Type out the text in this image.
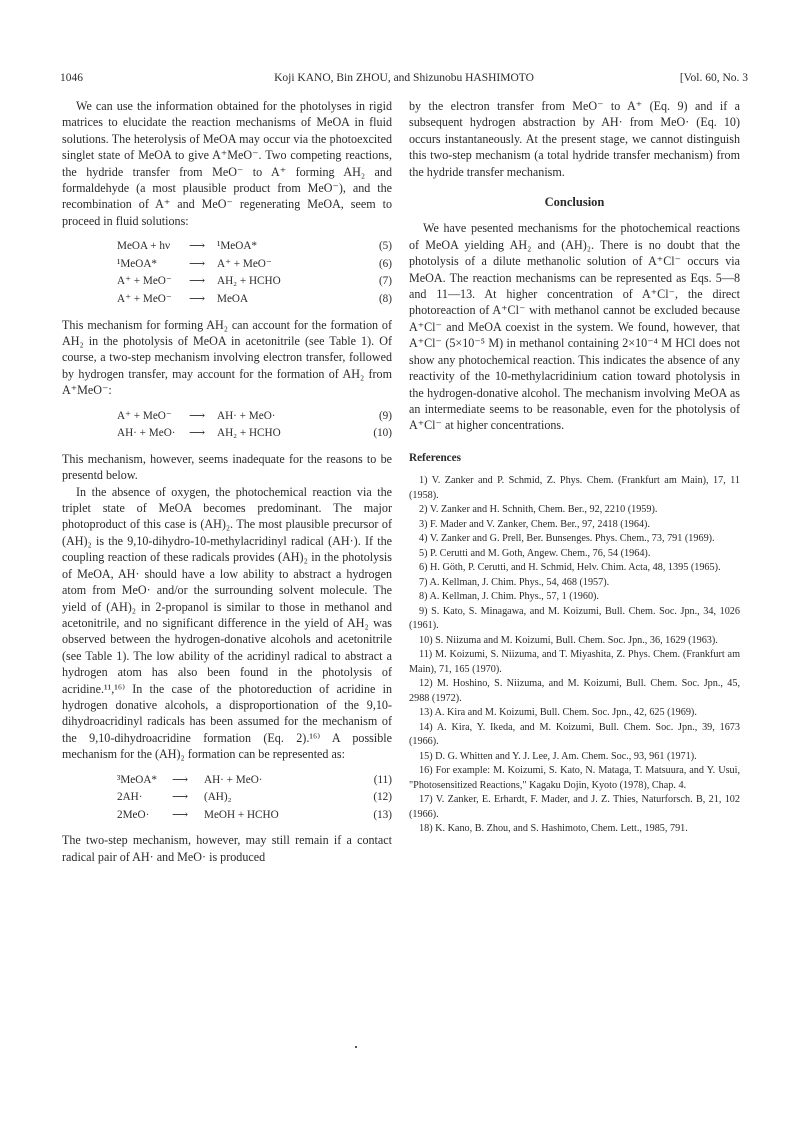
1046	Koji KANO, Bin ZHOU, and Shizunobu HASHIMOTO	[Vol. 60, No. 3

We can use the information obtained for the photolyses in rigid matrices to elucidate the reaction mechanisms of MeOA in fluid solutions. The heterolysis of MeOA may occur via the photoexcited singlet state of MeOA to give A⁺MeO⁻. Two competing reactions, the hydride transfer from MeO⁻ to A⁺ forming AH₂ and formaldehyde (a most plausible product from MeO⁻), and the recombination of A⁺ and MeO⁻ regenerating MeOA, seem to proceed in fluid solutions:

MeOA + hν ⟶ ¹MeOA*	(5)
¹MeOA*	⟶ A⁺ + MeO⁻	(6)
A⁺ + MeO⁻ ⟶ AH₂ + HCHO	(7)
A⁺ + MeO⁻ ⟶ MeOA	(8)

This mechanism for forming AH₂ can account for the formation of AH₂ in the photolysis of MeOA in acetonitrile (see Table 1). Of course, a two-step mechanism involving electron transfer, followed by hydrogen transfer, may account for the formation of AH₂ from A⁺MeO⁻:

A⁺ + MeO⁻ ⟶ AH· + MeO·	(9)
AH· + MeO· ⟶ AH₂ + HCHO	(10)

This mechanism, however, seems inadequate for the reasons to be presentd below.

In the absence of oxygen, the photochemical reaction via the triplet state of MeOA becomes predominant. The major photoproduct of this case is (AH)₂. The most plausible precursor of (AH)₂ is the 9,10-dihydro-10-methylacridinyl radical (AH·). If the coupling reaction of these radicals provides (AH)₂ in the photolysis of MeOA, AH· should have a low ability to abstract a hydrogen atom from MeO· and/or the surrounding solvent molecule. The yield of (AH)₂ in 2-propanol is similar to those in methanol and acetonitrile, and no significant difference in the yield of AH₂ was observed between the hydrogen-donative alcohols and acetonitrile (see Table 1). The low ability of the acridinyl radical to abstract a hydrogen atom has also been found in the photolysis of acridine.¹¹,¹⁶⁾ In the case of the photoreduction of acridine in hydrogen donative alcohols, a disproportionation of the 9,10-dihydroacridinyl radicals has been assumed for the mechanism of the 9,10-dihydroacridine formation (Eq. 2).¹⁶⁾ A possible mechanism for the (AH)₂ formation can be represented as:

³MeOA* ⟶ AH· + MeO·	(11)
2AH·	⟶ (AH)₂	(12)
2MeO· ⟶ MeOH + HCHO	(13)

The two-step mechanism, however, may still remain if a contact radical pair of AH· and MeO· is produced

by the electron transfer from MeO⁻ to A⁺ (Eq. 9) and if a subsequent hydrogen abstraction by AH· from MeO· (Eq. 10) occurs instantaneously. At the present stage, we cannot distinguish this two-step mechanism (a total hydride transfer mechanism) from the hydride transfer mechanism.

Conclusion

We have pesented mechanisms for the photochemical reactions of MeOA yielding AH₂ and (AH)₂. There is no doubt that the photolysis of a dilute methanolic solution of A⁺Cl⁻ occurs via MeOA. The reaction mechanisms can be represented as Eqs. 5—8 and 11—13. At higher concentration of A⁺Cl⁻, the direct photoreaction of A⁺Cl⁻ with methanol cannot be excluded because A⁺Cl⁻ and MeOA coexist in the system. We found, however, that A⁺Cl⁻ (5×10⁻⁵ M) in methanol containing 2×10⁻⁴ M HCl does not show any photochemical reaction. This indicates the absence of any reactivity of the 10-methylacridinium cation toward photolysis in the hydrogen-donative alcohol. The mechanism involving MeOA as an intermediate seems to be reasonable, even for the photolysis of A⁺Cl⁻ at higher concentrations.

References
1) V. Zanker and P. Schmid, Z. Phys. Chem. (Frankfurt am Main), 17, 11 (1958).
2) V. Zanker and H. Schnith, Chem. Ber., 92, 2210 (1959).
3) F. Mader and V. Zanker, Chem. Ber., 97, 2418 (1964).
4) V. Zanker and G. Prell, Ber. Bunsenges. Phys. Chem., 73, 791 (1969).
5) P. Cerutti and M. Goth, Angew. Chem., 76, 54 (1964).
6) H. Göth, P. Cerutti, and H. Schmid, Helv. Chim. Acta, 48, 1395 (1965).
7) A. Kellman, J. Chim. Phys., 54, 468 (1957).
8) A. Kellman, J. Chim. Phys., 57, 1 (1960).
9) S. Kato, S. Minagawa, and M. Koizumi, Bull. Chem. Soc. Jpn., 34, 1026 (1961).
10) S. Niizuma and M. Koizumi, Bull. Chem. Soc. Jpn., 36, 1629 (1963).
11) M. Koizumi, S. Niizuma, and T. Miyashita, Z. Phys. Chem. (Frankfurt am Main), 71, 165 (1970).
12) M. Hoshino, S. Niizuma, and M. Koizumi, Bull. Chem. Soc. Jpn., 45, 2988 (1972).
13) A. Kira and M. Koizumi, Bull. Chem. Soc. Jpn., 42, 625 (1969).
14) A. Kira, Y. Ikeda, and M. Koizumi, Bull. Chem. Soc. Jpn., 39, 1673 (1966).
15) D. G. Whitten and Y. J. Lee, J. Am. Chem. Soc., 93, 961 (1971).
16) For example: M. Koizumi, S. Kato, N. Mataga, T. Matsuura, and Y. Usui, "Photosensitized Reactions," Kagaku Dojin, Kyoto (1978), Chap. 4.
17) V. Zanker, E. Erhardt, F. Mader, and J. Z. Thies, Naturforsch. B, 21, 102 (1966).
18) K. Kano, B. Zhou, and S. Hashimoto, Chem. Lett., 1985, 791.
